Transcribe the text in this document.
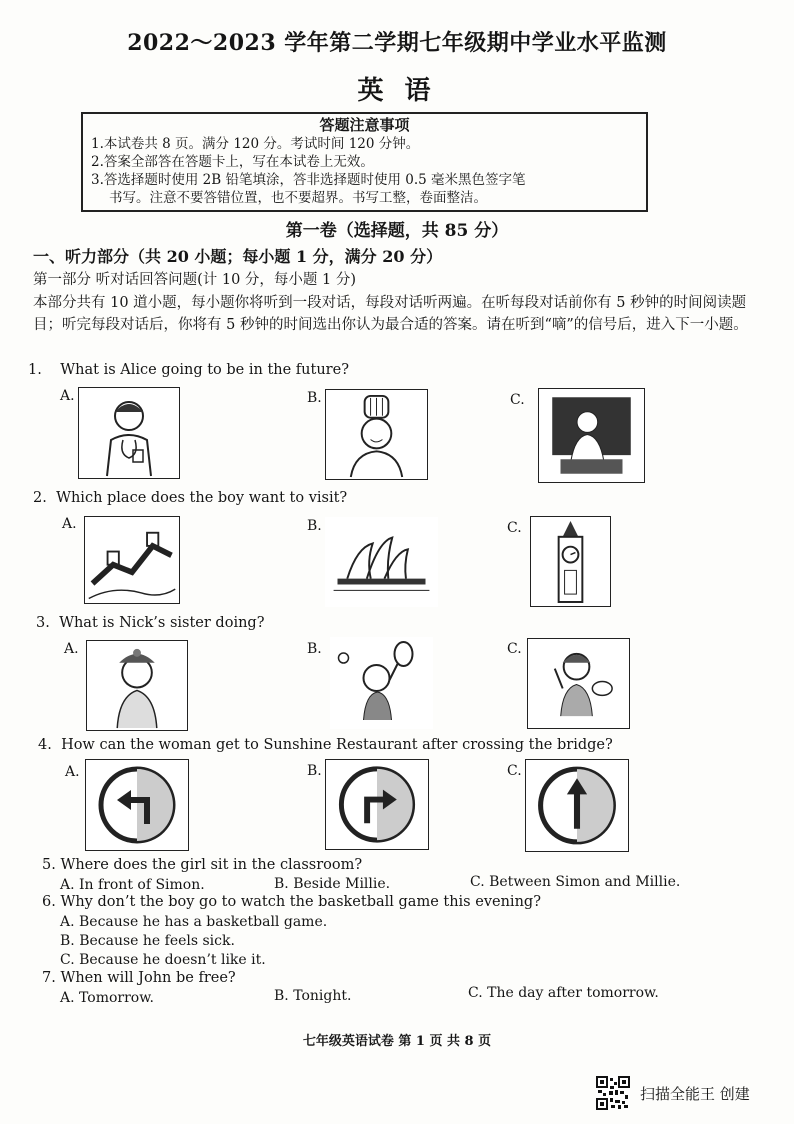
2022～2023 学年第二学期七年级期中学业水平监测
英 语
答题注意事项
1.本试卷共 8 页。满分 120 分。考试时间 120 分钟。
2.答案全部答在答题卡上，写在本试卷上无效。
3.答选择题时使用 2B 铅笔填涂，答非选择题时使用 0.5 毫米黑色签字笔
书写。注意不要答错位置，也不要超界。书写工整，卷面整洁。
第一卷（选择题，共 85 分）
一、听力部分（共 20 小题；每小题 1 分，满分 20 分）
第一部分 听对话回答问题(计 10 分，每小题 1 分)
本部分共有 10 道小题，每小题你将听到一段对话，每段对话听两遍。在听每段对话前你有 5 秒钟的时间阅读题目；听完每段对话后，你将有 5 秒钟的时间选出你认为最合适的答案。请在听到“嘀”的信号后，进入下一小题。
1. What is Alice going to be in the future?
A.	B.	C.
2. Which place does the boy want to visit?
A.	B.	C.
3. What is Nick’s sister doing?
A.	B.	C.
4. How can the woman get to Sunshine Restaurant after crossing the bridge?
A.	B.	C.
5. Where does the girl sit in the classroom?
A. In front of Simon.	B. Beside Millie.	C. Between Simon and Millie.
6. Why don’t the boy go to watch the basketball game this evening?
A. Because he has a basketball game.
B. Because he feels sick.
C. Because he doesn’t like it.
7. When will John be free?
A. Tomorrow.	B. Tonight.	C. The day after tomorrow.
七年级英语试卷 第 1 页 共 8 页
扫描全能王 创建
